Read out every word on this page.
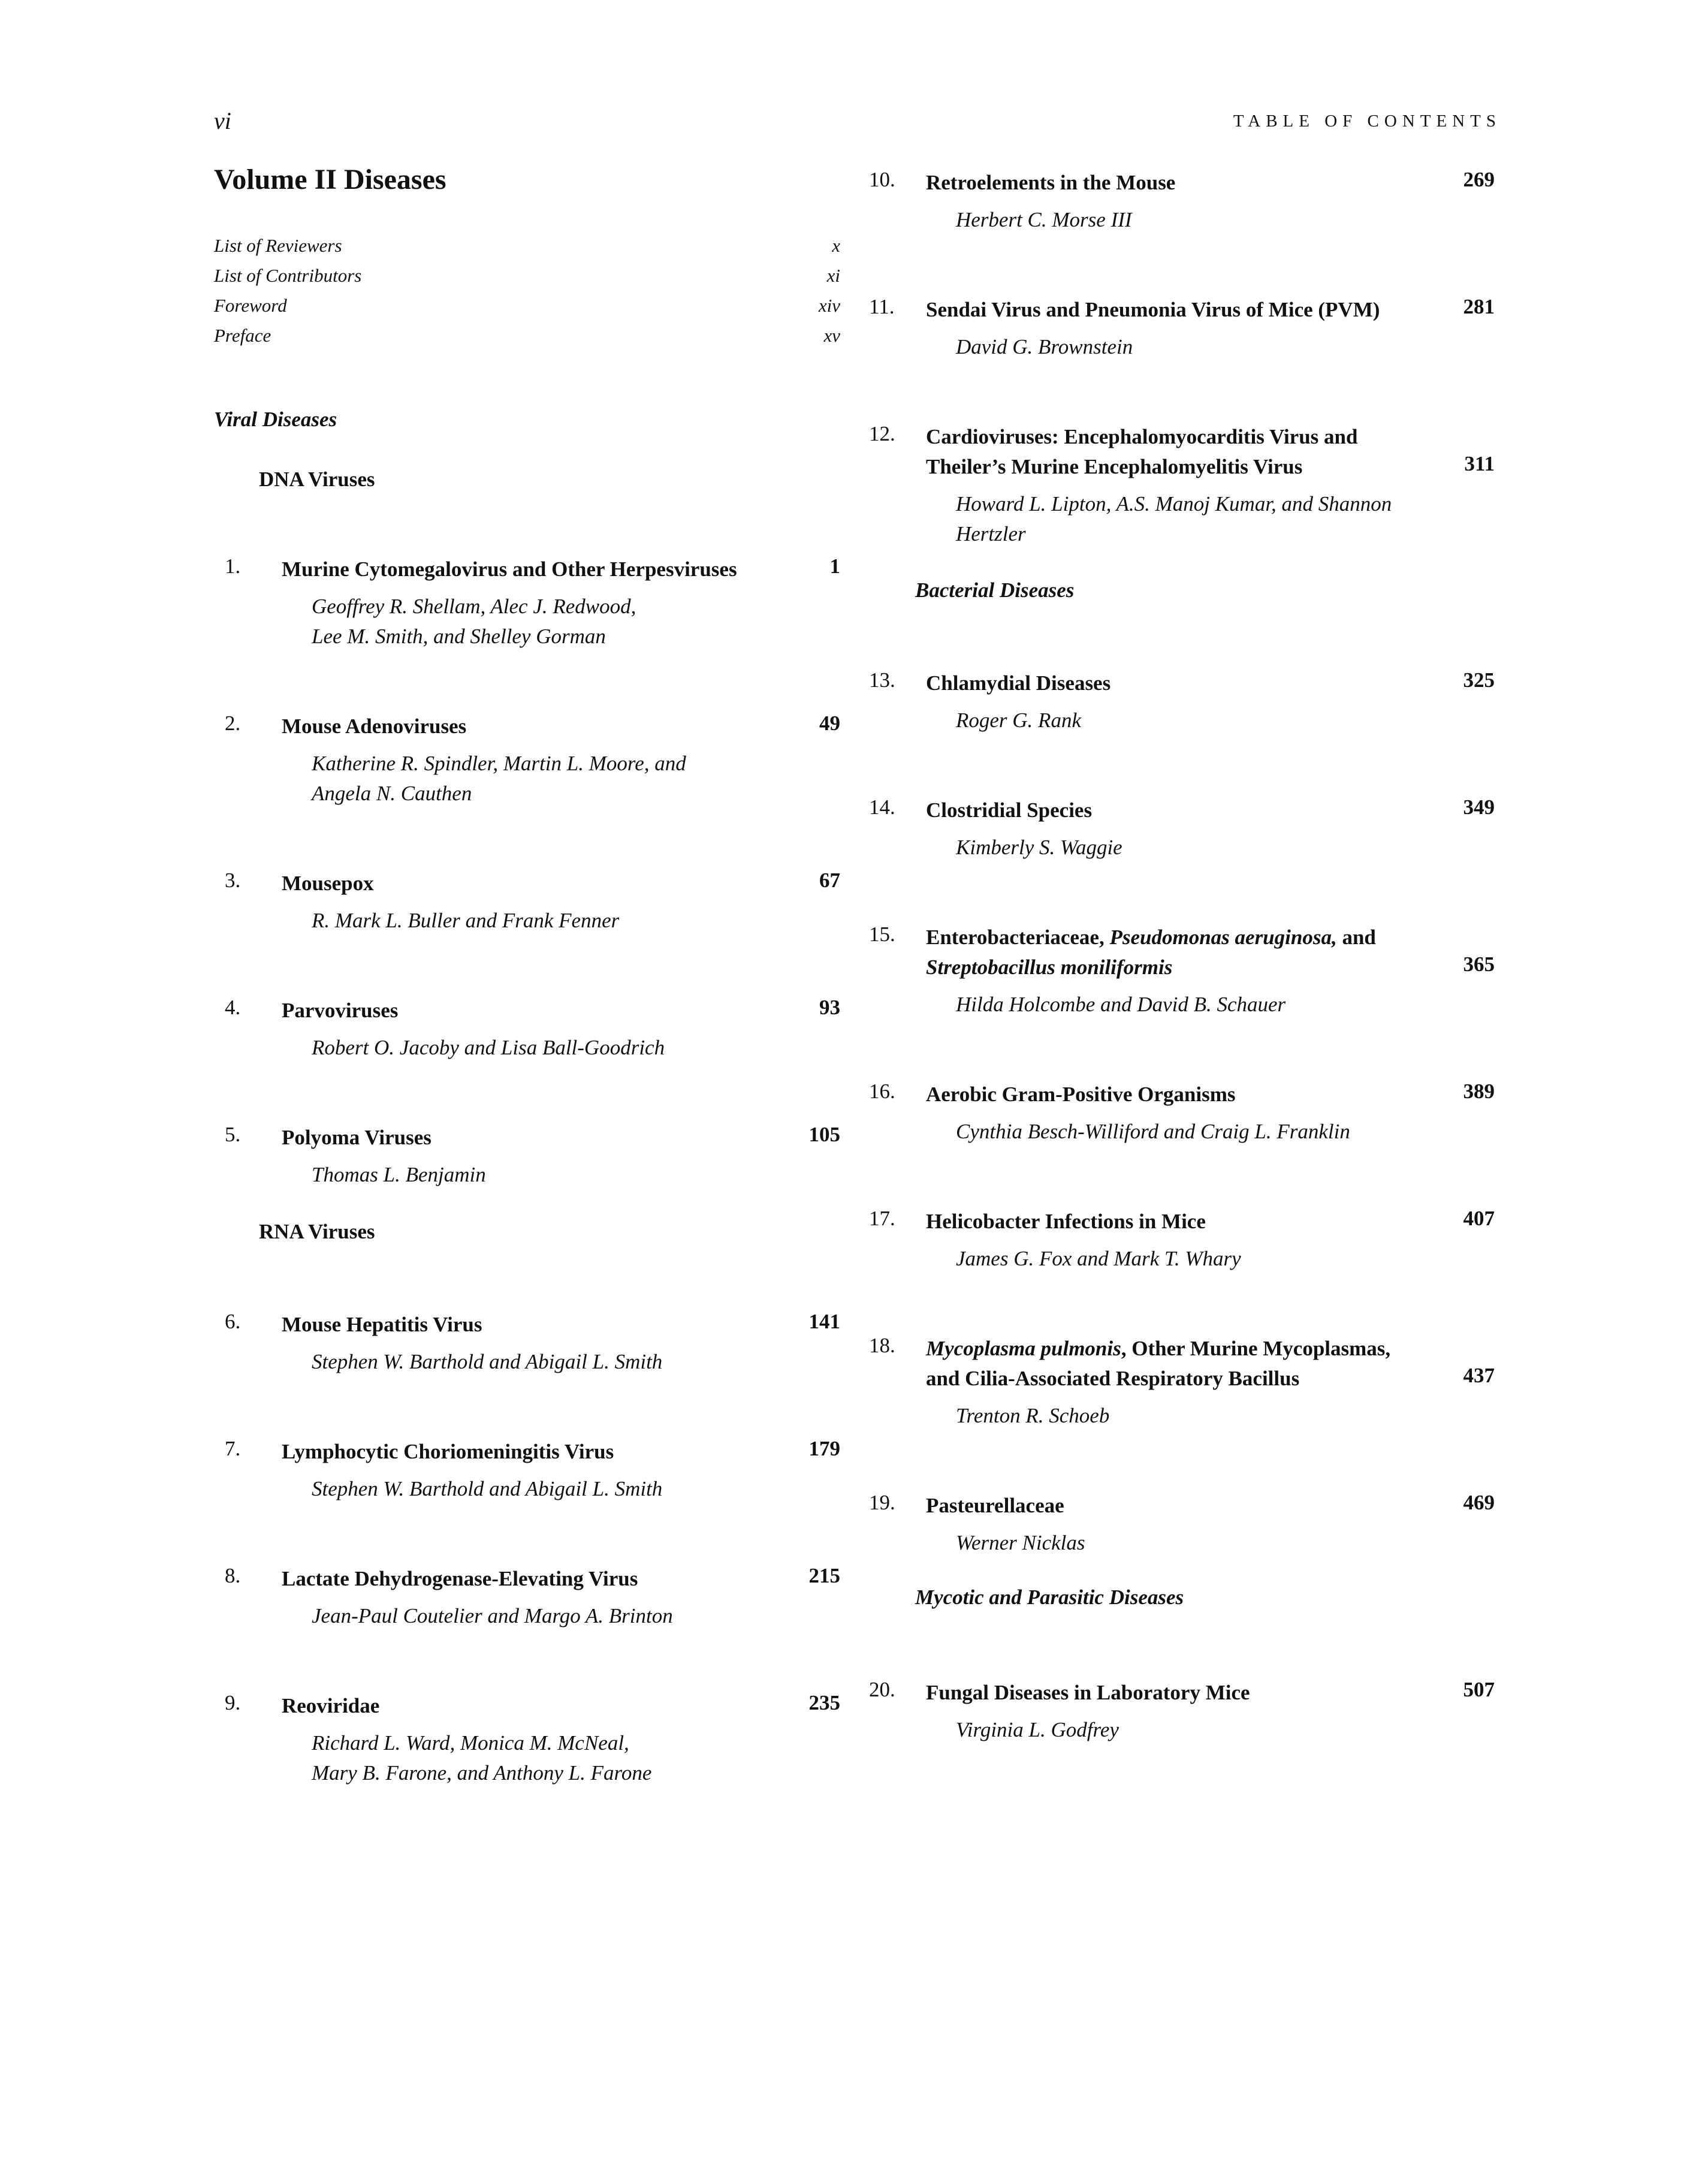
vi	TABLE OF CONTENTS
Volume II Diseases
List of Reviewers	x
List of Contributors	xi
Foreword	xiv
Preface	xv
Viral Diseases
DNA Viruses
RNA Viruses
1. Murine Cytomegalovirus and Other Herpesviruses	1
Geoffrey R. Shellam, Alec J. Redwood,
Lee M. Smith, and Shelley Gorman
2. Mouse Adenoviruses	49
Katherine R. Spindler, Martin L. Moore, and
Angela N. Cauthen
3. Mousepox	67
R. Mark L. Buller and Frank Fenner
4. Parvoviruses	93
Robert O. Jacoby and Lisa Ball-Goodrich
5. Polyoma Viruses	105
Thomas L. Benjamin
6. Mouse Hepatitis Virus	141
Stephen W. Barthold and Abigail L. Smith
7. Lymphocytic Choriomeningitis Virus	179
Stephen W. Barthold and Abigail L. Smith
8. Lactate Dehydrogenase-Elevating Virus	215
Jean-Paul Coutelier and Margo A. Brinton
9. Reoviridae	235
Richard L. Ward, Monica M. McNeal,
Mary B. Farone, and Anthony L. Farone
10. Retroelements in the Mouse	269
Herbert C. Morse III
11. Sendai Virus and Pneumonia Virus of Mice (PVM)	281
David G. Brownstein
12. Cardioviruses: Encephalomyocarditis Virus and
Theiler’s Murine Encephalomyelitis Virus	311
Howard L. Lipton, A.S. Manoj Kumar, and Shannon
Hertzler
Bacterial Diseases
13. Chlamydial Diseases	325
Roger G. Rank
14. Clostridial Species	349
Kimberly S. Waggie
15. Enterobacteriaceae, Pseudomonas aeruginosa, and
Streptobacillus moniliformis	365
Hilda Holcombe and David B. Schauer
16. Aerobic Gram-Positive Organisms	389
Cynthia Besch-Williford and Craig L. Franklin
17. Helicobacter Infections in Mice	407
James G. Fox and Mark T. Whary
18. Mycoplasma pulmonis, Other Murine Mycoplasmas,
and Cilia-Associated Respiratory Bacillus	437
Trenton R. Schoeb
19. Pasteurellaceae	469
Werner Nicklas
Mycotic and Parasitic Diseases
20. Fungal Diseases in Laboratory Mice	507
Virginia L. Godfrey
